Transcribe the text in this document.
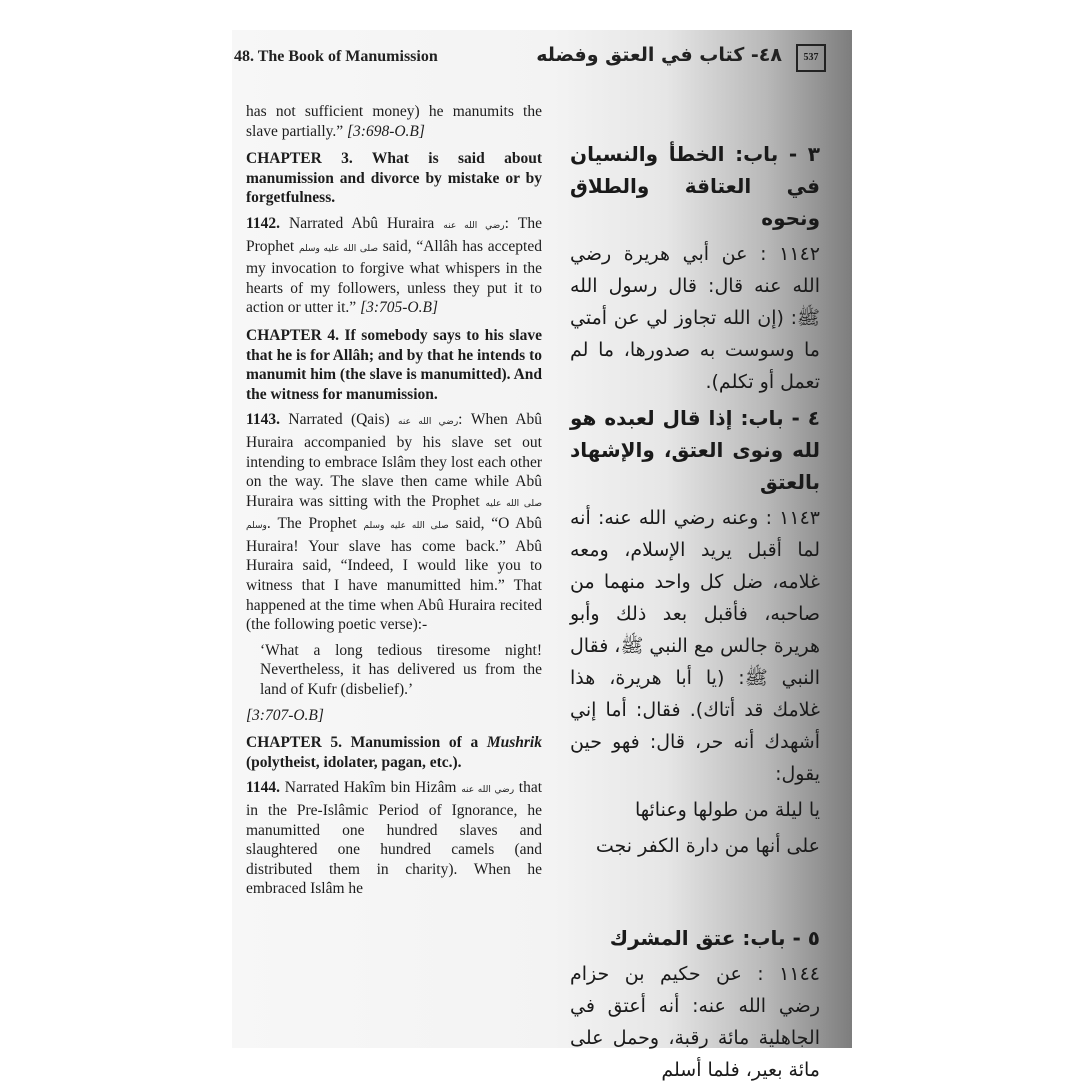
48. The Book of Manumission	٤٨- كتاب في العتق وفضله	537

has not sufficient money) he manumits the slave partially.” [3:698-O.B]

CHAPTER 3. What is said about manumission and divorce by mistake or by forgetfulness.

1142. Narrated Abû Huraira رضي الله عنه: The Prophet صلى الله عليه وسلم said, “Allâh has accepted my invocation to forgive what whispers in the hearts of my followers, unless they put it to action or utter it.” [3:705-O.B]

CHAPTER 4. If somebody says to his slave that he is for Allâh; and by that he intends to manumit him (the slave is manumitted). And the witness for manumission.

1143. Narrated (Qais) رضي الله عنه: When Abû Huraira accompanied by his slave set out intending to embrace Islâm they lost each other on the way. The slave then came while Abû Huraira was sitting with the Prophet صلى الله عليه وسلم. The Prophet صلى الله عليه وسلم said, “O Abû Huraira! Your slave has come back.” Abû Huraira said, “Indeed, I would like you to witness that I have manumitted him.” That happened at the time when Abû Huraira recited (the following poetic verse):-

‘What a long tedious tiresome night! Nevertheless, it has delivered us from the land of Kufr (disbelief).’

[3:707-O.B]

CHAPTER 5. Manumission of a Mushrik (polytheist, idolater, pagan, etc.).

1144. Narrated Hakîm bin Hizâm رضي الله عنه that in the Pre-Islâmic Period of Ignorance, he manumitted one hundred slaves and slaughtered one hundred camels (and distributed them in charity). When he embraced Islâm he

٣ - باب: الخطأ والنسيان في العتاقة والطلاق ونحوه

١١٤٢ : عن أبي هريرة رضي الله عنه قال: قال رسول الله ﷺ: (إن الله تجاوز لي عن أمتي ما وسوست به صدورها، ما لم تعمل أو تكلم).

٤ - باب: إذا قال لعبده هو لله ونوى العتق، والإشهاد بالعتق

١١٤٣ : وعنه رضي الله عنه: أنه لما أقبل يريد الإسلام، ومعه غلامه، ضل كل واحد منهما من صاحبه، فأقبل بعد ذلك وأبو هريرة جالس مع النبي ﷺ، فقال النبي ﷺ: (يا أبا هريرة، هذا غلامك قد أتاك). فقال: أما إني أشهدك أنه حر، قال: فهو حين يقول:

يا ليلة من طولها وعنائها

على أنها من دارة الكفر نجت

٥ - باب: عتق المشرك

١١٤٤ : عن حكيم بن حزام رضي الله عنه: أنه أعتق في الجاهلية مائة رقبة، وحمل على مائة بعير، فلما أسلم
